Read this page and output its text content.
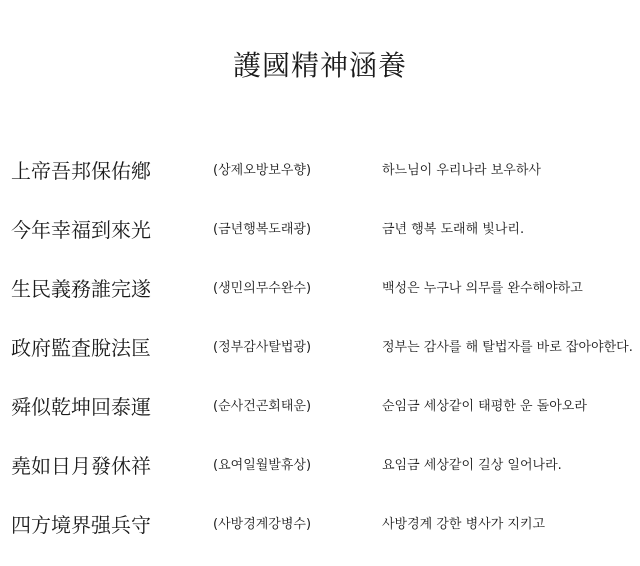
護國精神涵養
上帝吾邦保佑鄕	(상제오방보우향)	하느님이 우리나라 보우하사
今年幸福到來光	(금년행복도래광)	금년 행복 도래해 빛나리.
生民義務誰完遂	(생민의무수완수)	백성은 누구나 의무를 완수해야하고
政府監査脫法匡	(정부감사탈법광)	정부는 감사를 해 탈법자를 바로 잡아야한다.
舜似乾坤回泰運	(순사건곤회태운)	순임금 세상같이 태평한 운 돌아오라
堯如日月發休祥	(요여일월발휴상)	요임금 세상같이 길상 일어나라.
四方境界强兵守	(사방경계강병수)	사방경계 강한 병사가 지키고
